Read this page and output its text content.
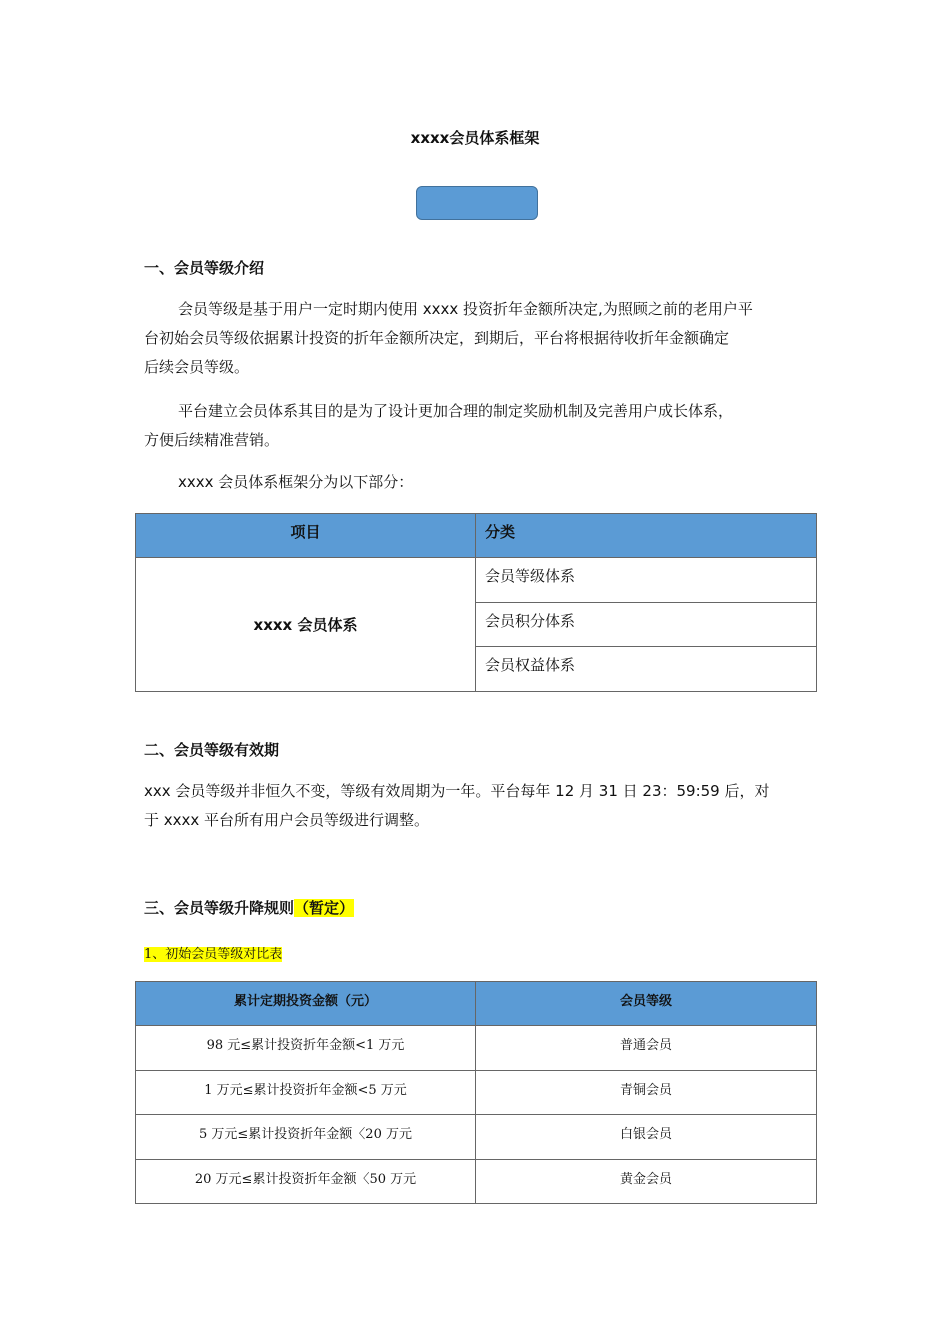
xxxx会员体系框架
一、会员等级介绍
会员等级是基于用户一定时期内使用 xxxx 投资折年金额所决定,为照顾之前的老用户平
台初始会员等级依据累计投资的折年金额所决定，到期后，平台将根据待收折年金额确定
后续会员等级。
平台建立会员体系其目的是为了设计更加合理的制定奖励机制及完善用户成长体系，
方便后续精准营销。
xxxx 会员体系框架分为以下部分：
项目	分类

xxxx 会员体系	会员等级体系

	会员积分体系

	会员权益体系
二、会员等级有效期
xxx 会员等级并非恒久不变，等级有效周期为一年。平台每年 12 月 31 日 23：59:59 后，对
于 xxxx 平台所有用户会员等级进行调整。
三、会员等级升降规则（暂定）
1、初始会员等级对比表
累计定期投资金额（元）	会员等级

98 元≤累计投资折年金额<1 万元	普通会员

1 万元≤累计投资折年金额<5 万元	青铜会员

5 万元≤累计投资折年金额〈20 万元	白银会员

20 万元≤累计投资折年金额〈50 万元	黄金会员
